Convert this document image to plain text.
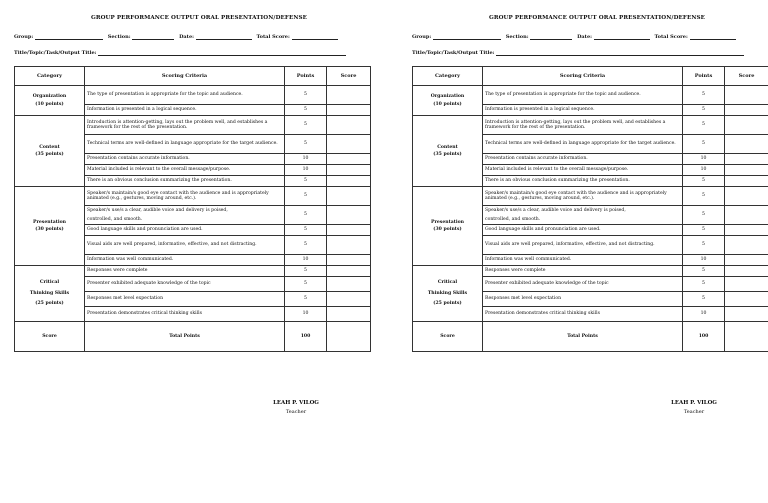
GROUP PERFORMANCE OUTPUT ORAL PRESENTATION/DEFENSE
Group:	Section:	Date:	Total Score:
Title/Topic/Task/Output Title:
Category	Scoring Criteria	Points	Score

Organization
(10 points)	The type of presentation is appropriate for the topic and audience.	5	
	Information is presented in a logical sequence.	5	

Content
(35 points)	Introduction is attention-getting, lays out the problem well, and establishes a framework for the rest of the presentation.	5	
	Technical terms are well-defined in language appropriate for the target audience.	5	
	Presentation contains accurate information.	10	
	Material included is relevant to the overall message/purpose.	10	
	There is an obvious conclusion summarizing the presentation.	5	

Presentation
(30 points)	Speaker/s maintain/s good eye contact with the audience and is appropriately animated (e.g., gestures, moving around, etc.).	5	

	Speaker/s use/s a clear, audible voice and delivery is poised,
controlled, and smooth.	5	
	Good language skills and pronunciation are used.	5	
	Visual aids are well prepared, informative, effective, and not distracting.	5	
	Information was well communicated.	10	

Critical
Thinking Skills
(25 points)	Responses were complete	5	
	Presenter exhibited adequate knowledge of the topic	5	
	Responses met level expectation	5	
	Presentation demonstrates critical thinking skills	10	
Score	Total Points	100	
LEAH P. VILOG
Teacher
GROUP PERFORMANCE OUTPUT ORAL PRESENTATION/DEFENSE
Group:	Section:	Date:	Total Score:
Title/Topic/Task/Output Title:
Category	Scoring Criteria	Points	Score

Organization
(10 points)	The type of presentation is appropriate for the topic and audience.	5	
	Information is presented in a logical sequence.	5	

Content
(35 points)	Introduction is attention-getting, lays out the problem well, and establishes a framework for the rest of the presentation.	5	
	Technical terms are well-defined in language appropriate for the target audience.	5	
	Presentation contains accurate information.	10	
	Material included is relevant to the overall message/purpose.	10	
	There is an obvious conclusion summarizing the presentation.	5	

Presentation
(30 points)	Speaker/s maintain/s good eye contact with the audience and is appropriately animated (e.g., gestures, moving around, etc.).	5	

	Speaker/s use/s a clear, audible voice and delivery is poised,
controlled, and smooth.	5	
	Good language skills and pronunciation are used.	5	
	Visual aids are well prepared, informative, effective, and not distracting.	5	
	Information was well communicated.	10	

Critical
Thinking Skills
(25 points)	Responses were complete	5	
	Presenter exhibited adequate knowledge of the topic	5	
	Responses met level expectation	5	
	Presentation demonstrates critical thinking skills	10	
Score	Total Points	100	
LEAH P. VILOG
Teacher
